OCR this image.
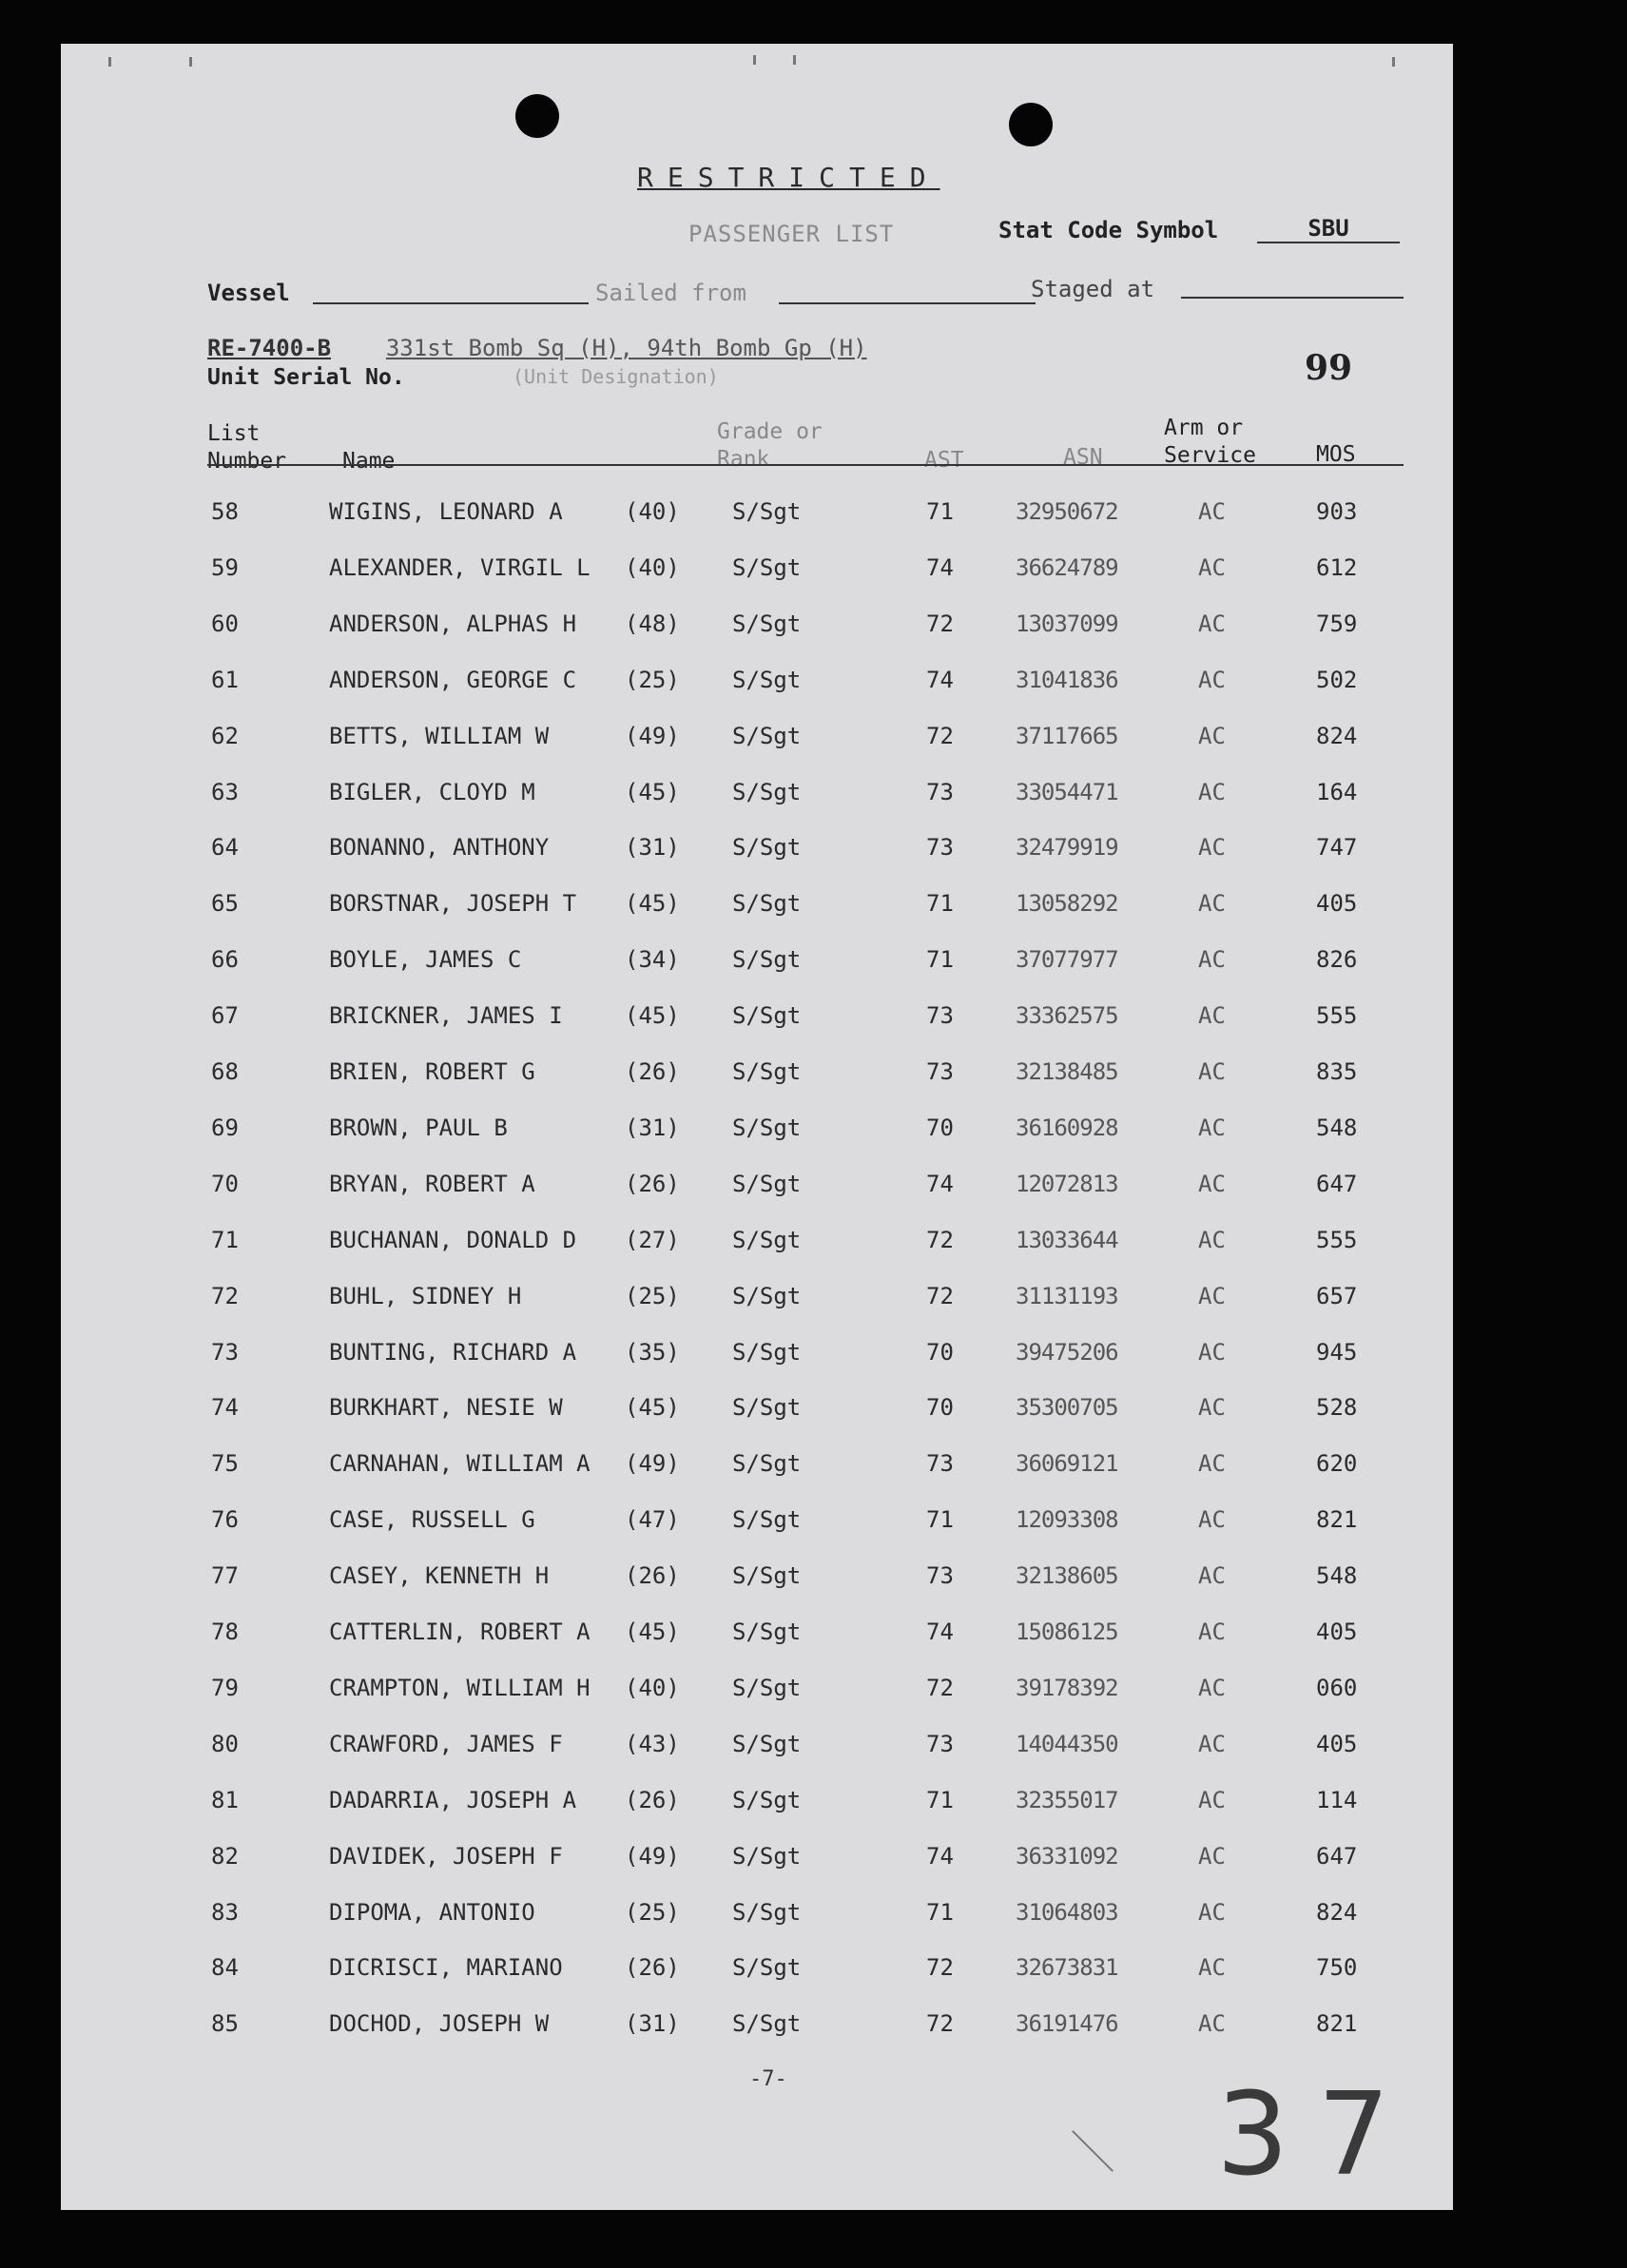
RESTRICTED
PASSENGER LIST	Stat Code Symbol	SBU
Vessel	Sailed from	Staged at
RE-7400-B 331st Bomb Sq (H), 94th Bomb Gp (H)
Unit Serial No.	(Unit Designation)	99
List
Number	Name
Grade or
Rank	AST	ASN
Arm or
Service	MOS
58	WIGINS, LEONARD A	(40) S/Sgt	71	32950672	AC	903
59	ALEXANDER, VIRGIL L (40) S/Sgt	74	36624789	AC	612
60	ANDERSON, ALPHAS H (48) S/Sgt	72	13037099	AC	759
61	ANDERSON, GEORGE C (25) S/Sgt	74	31041836	AC	502
62	BETTS, WILLIAM W	(49) S/Sgt	72	37117665	AC	824
63	BIGLER, CLOYD M	(45) S/Sgt	73	33054471	AC	164
64	BONANNO, ANTHONY	(31) S/Sgt	73	32479919	AC	747
65	BORSTNAR, JOSEPH T (45) S/Sgt	71	13058292	AC	405
66	BOYLE, JAMES C	(34) S/Sgt	71	37077977	AC	826
67	BRICKNER, JAMES I	(45) S/Sgt	73	33362575	AC	555
68	BRIEN, ROBERT G	(26) S/Sgt	73	32138485	AC	835
69	BROWN, PAUL B	(31) S/Sgt	70	36160928	AC	548
70	BRYAN, ROBERT A	(26) S/Sgt	74	12072813	AC	647
71	BUCHANAN, DONALD D (27) S/Sgt	72	13033644	AC	555
72	BUHL, SIDNEY H	(25) S/Sgt	72	31131193	AC	657
73	BUNTING, RICHARD A (35) S/Sgt	70	39475206	AC	945
74	BURKHART, NESIE W	(45) S/Sgt	70	35300705	AC	528
75	CARNAHAN, WILLIAM A (49) S/Sgt	73	36069121	AC	620
76	CASE, RUSSELL G	(47) S/Sgt	71	12093308	AC	821
77	CASEY, KENNETH H	(26) S/Sgt	73	32138605	AC	548
78	CATTERLIN, ROBERT A (45) S/Sgt	74	15086125	AC	405
79	CRAMPTON, WILLIAM H (40) S/Sgt	72	39178392	AC	060
80	CRAWFORD, JAMES F	(43) S/Sgt	73	14044350	AC	405
81	DADARRIA, JOSEPH A (26) S/Sgt	71	32355017	AC	114
82	DAVIDEK, JOSEPH F	(49) S/Sgt	74	36331092	AC	647
83	DIPOMA, ANTONIO	(25) S/Sgt	71	31064803	AC	824
84	DICRISCI, MARIANO	(26) S/Sgt	72	32673831	AC	750
85	DOCHOD, JOSEPH W	(31) S/Sgt	72	36191476	AC	821
-7-	37
